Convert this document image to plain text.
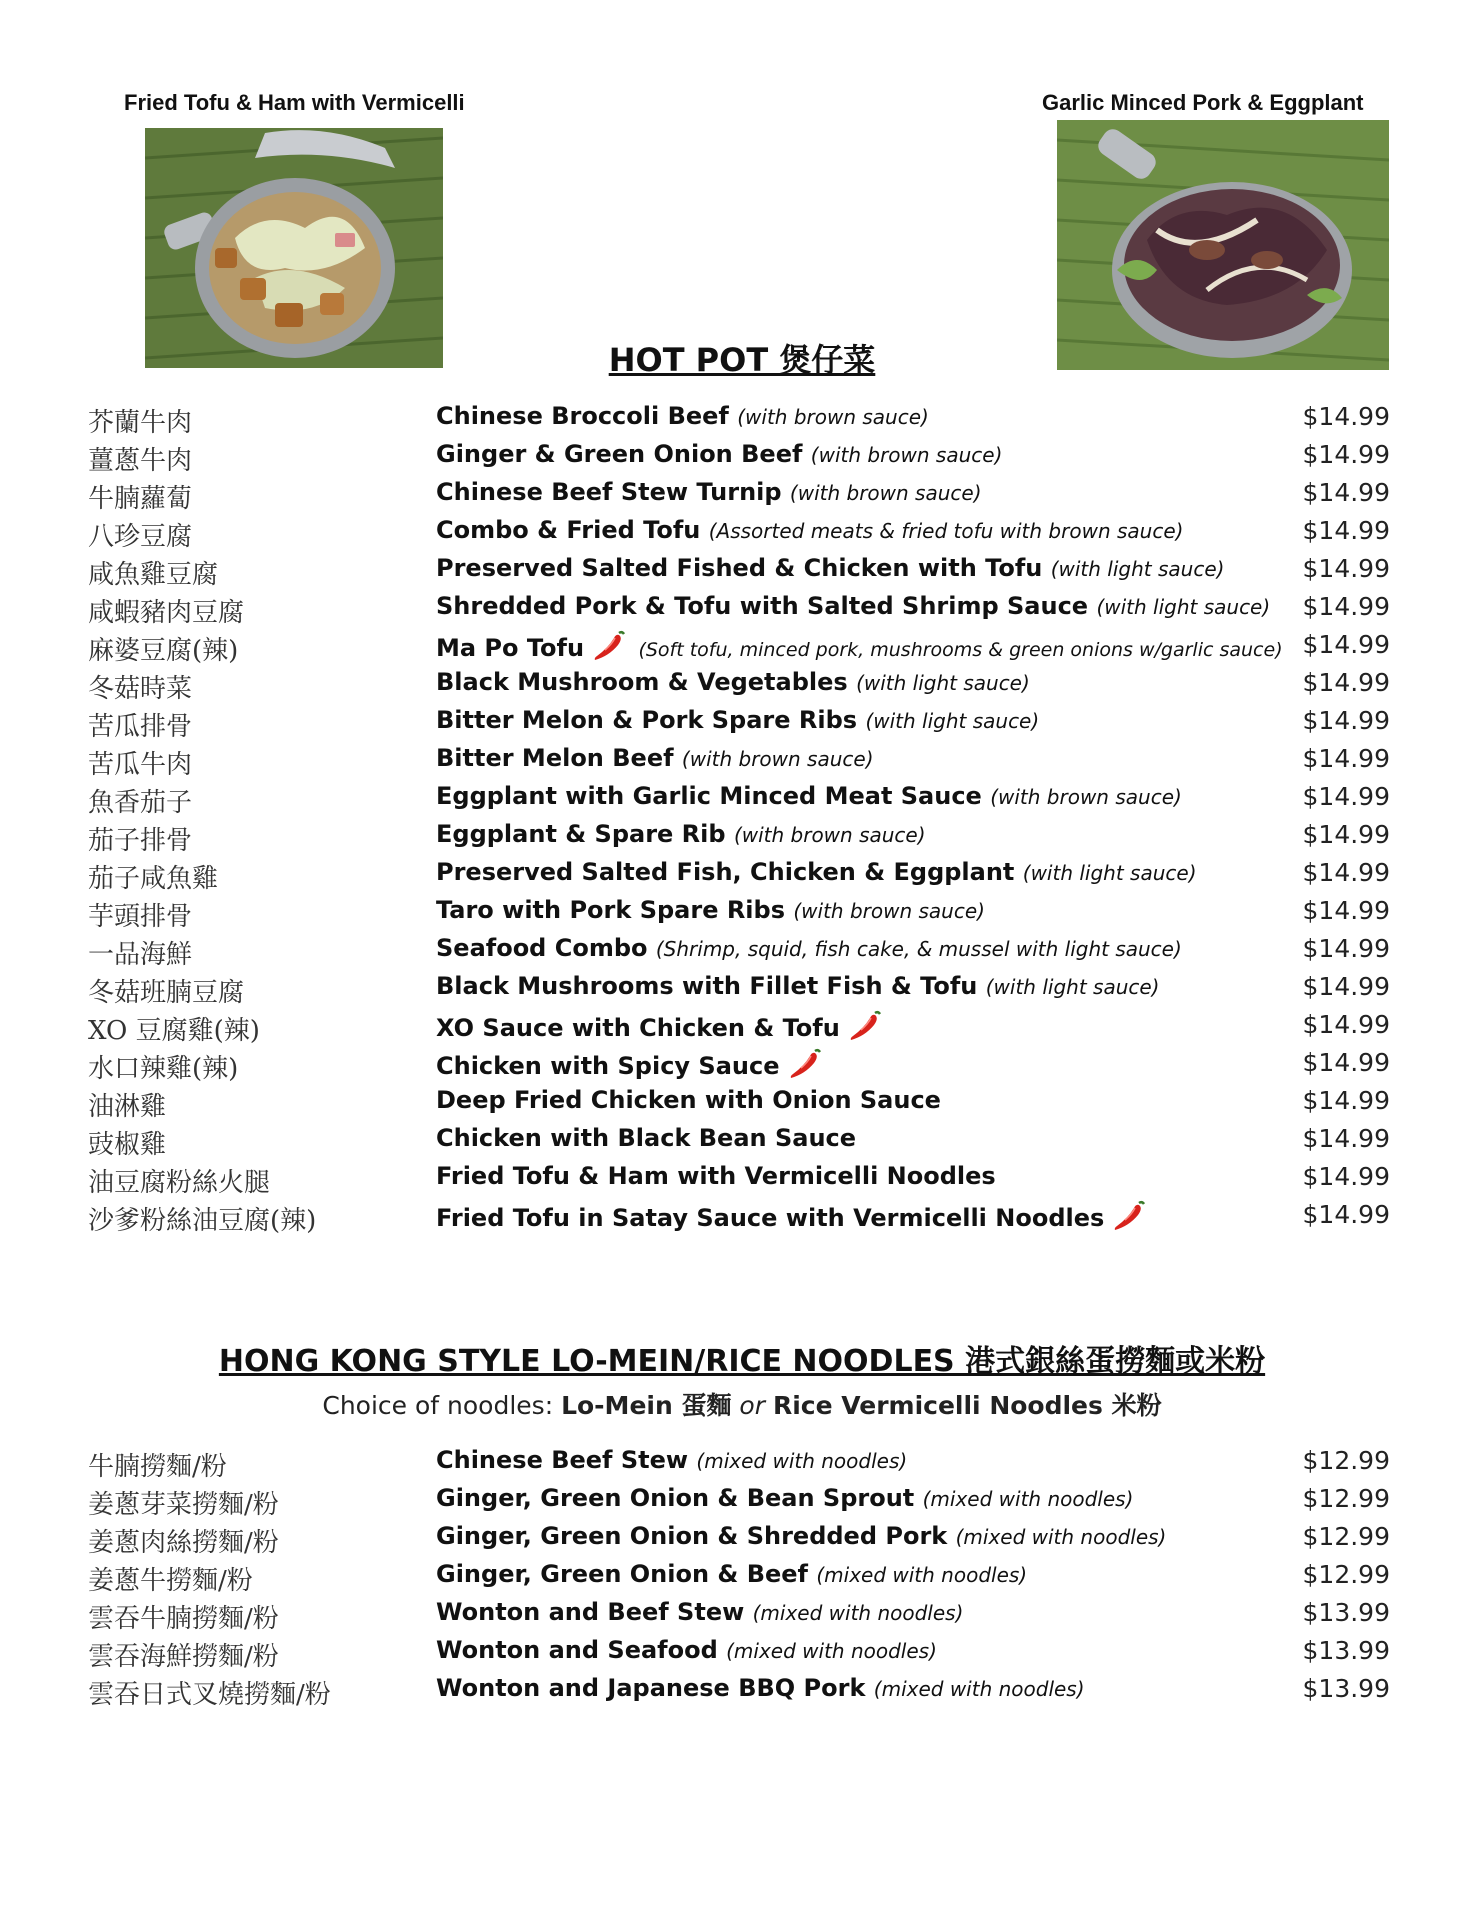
Fried Tofu & Ham with Vermicelli	Garlic Minced Pork & Eggplant
HOT POT 煲仔菜
芥蘭牛肉	Chinese Broccoli Beef (with brown sauce)	$14.99
薑蔥牛肉	Ginger & Green Onion Beef (with brown sauce)	$14.99
牛腩蘿蔔	Chinese Beef Stew Turnip (with brown sauce)	$14.99
八珍豆腐	Combo & Fried Tofu (Assorted meats & fried tofu with brown sauce)	$14.99
咸魚雞豆腐	Preserved Salted Fished & Chicken with Tofu (with light sauce)	$14.99
咸蝦豬肉豆腐	Shredded Pork & Tofu with Salted Shrimp Sauce (with light sauce) $14.99
麻婆豆腐(辣)	Ma Po Tofu	(Soft tofu, minced pork, mushrooms & green onions w/garlic sauce) $14.99
冬菇時菜	Black Mushroom & Vegetables (with light sauce)	$14.99
苦瓜排骨	Bitter Melon & Pork Spare Ribs (with light sauce)	$14.99
苦瓜牛肉	Bitter Melon Beef (with brown sauce)	$14.99
魚香茄子	Eggplant with Garlic Minced Meat Sauce (with brown sauce)	$14.99
茄子排骨	Eggplant & Spare Rib (with brown sauce)	$14.99
茄子咸魚雞	Preserved Salted Fish, Chicken & Eggplant (with light sauce)	$14.99
芋頭排骨	Taro with Pork Spare Ribs (with brown sauce)	$14.99
一品海鮮	Seafood Combo (Shrimp, squid, fish cake, & mussel with light sauce)	$14.99
冬菇班腩豆腐	Black Mushrooms with Fillet Fish & Tofu (with light sauce)	$14.99
XO 豆腐雞(辣)	XO Sauce with Chicken & Tofu	$14.99
水口辣雞(辣)	Chicken with Spicy Sauce	$14.99
油淋雞	Deep Fried Chicken with Onion Sauce	$14.99
豉椒雞	Chicken with Black Bean Sauce	$14.99
油豆腐粉絲火腿	Fried Tofu & Ham with Vermicelli Noodles	$14.99
沙爹粉絲油豆腐(辣)	Fried Tofu in Satay Sauce with Vermicelli Noodles	$14.99
HONG KONG STYLE LO-MEIN/RICE NOODLES 港式銀絲蛋撈麵或米粉
Choice of noodles: Lo-Mein 蛋麵 or Rice Vermicelli Noodles 米粉
牛腩撈麵/粉	Chinese Beef Stew (mixed with noodles)	$12.99
姜蔥芽菜撈麵/粉	Ginger, Green Onion & Bean Sprout (mixed with noodles)	$12.99
姜蔥肉絲撈麵/粉	Ginger, Green Onion & Shredded Pork (mixed with noodles)	$12.99
姜蔥牛撈麵/粉	Ginger, Green Onion & Beef (mixed with noodles)	$12.99
雲吞牛腩撈麵/粉	Wonton and Beef Stew (mixed with noodles)	$13.99
雲吞海鮮撈麵/粉	Wonton and Seafood (mixed with noodles)	$13.99
雲吞日式叉燒撈麵/粉	Wonton and Japanese BBQ Pork (mixed with noodles)	$13.99
